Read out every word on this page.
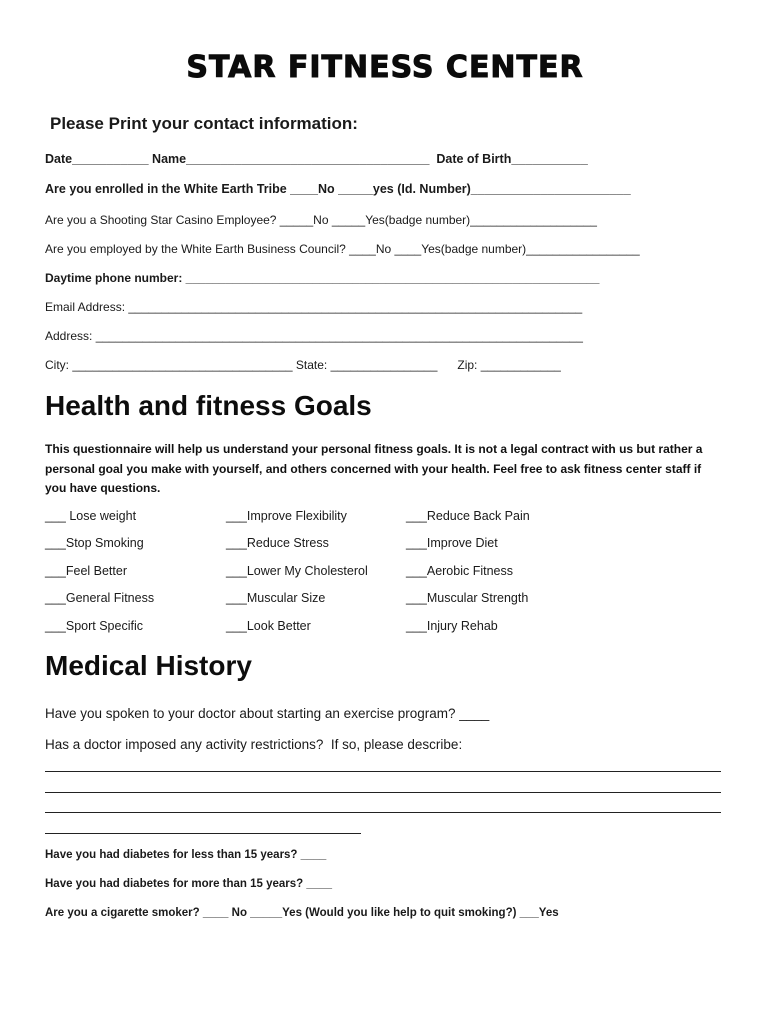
STAR FITNESS CENTER
Please Print your contact information:
Date___________ Name___________________________________  Date of Birth___________
Are you enrolled in the White Earth Tribe ____No _____yes (Id. Number)_______________________
Are you a Shooting Star Casino Employee? _____No _____Yes(badge number)___________________
Are you employed by the White Earth Business Council? ____No ____Yes(badge number)_________________
Daytime phone number: ______________________________________________________________
Email Address: ____________________________________________________________________
Address: _________________________________________________________________________
City: _________________________________ State: ________________      Zip: ____________
Health and fitness Goals
This questionnaire will help us understand your personal fitness goals. It is not a legal contract with us but rather a personal goal you make with yourself, and others concerned with your health. Feel free to ask fitness center staff if you have questions.
___ Lose weight	___Improve Flexibility	___Reduce Back Pain
___Stop Smoking	___Reduce Stress	___Improve Diet
___Feel Better	___Lower My Cholesterol	___Aerobic Fitness
___General Fitness	___Muscular Size	___Muscular Strength
___Sport Specific	___Look Better	___Injury Rehab
Medical History
Have you spoken to your doctor about starting an exercise program? ____
Has a doctor imposed any activity restrictions?  If so, please describe:
Have you had diabetes for less than 15 years? ____
Have you had diabetes for more than 15 years? ____
Are you a cigarette smoker? ____ No _____Yes (Would you like help to quit smoking?) ___Yes
